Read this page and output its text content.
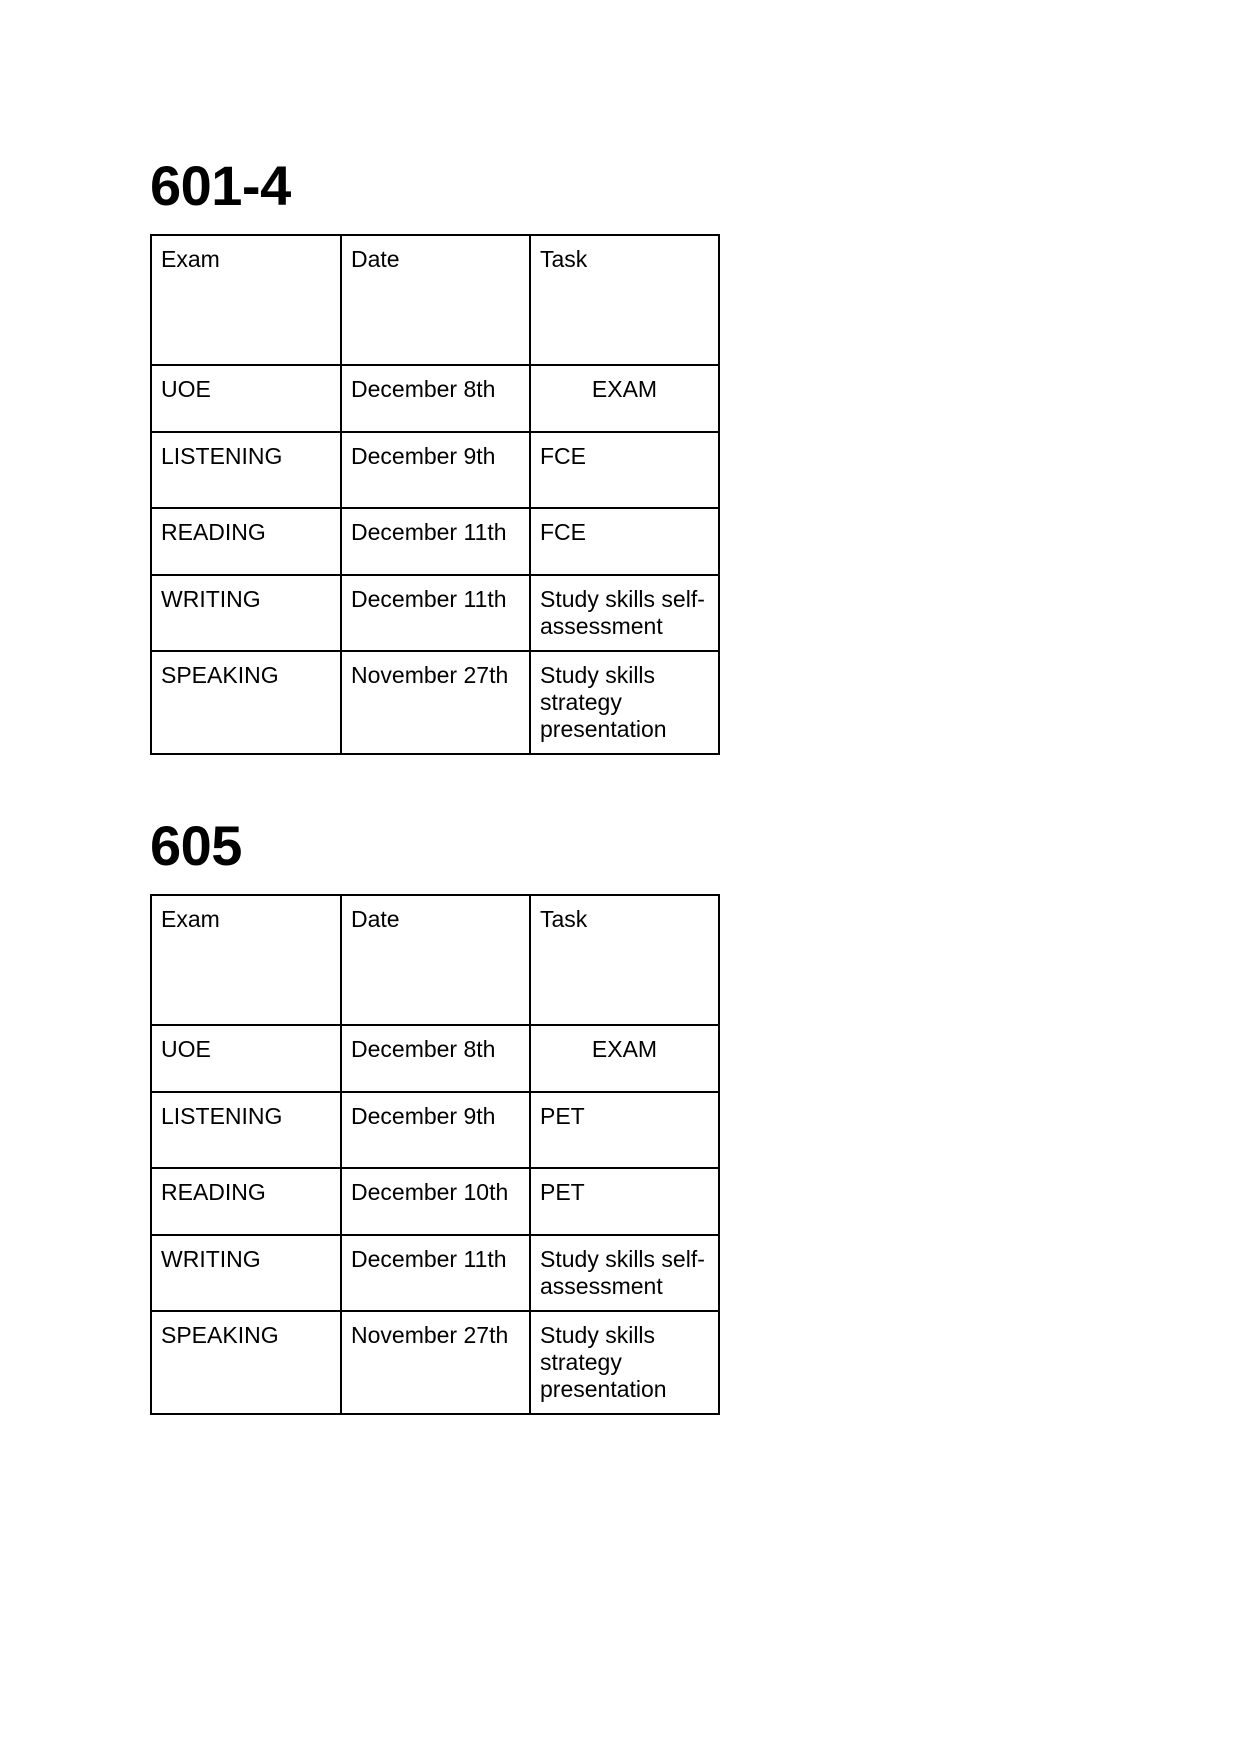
601-4
Exam	Date	Task
UOE	December 8th	EXAM
LISTENING	December 9th	FCE
READING	December 11th	FCE
WRITING	December 11th	Study skills self-assessment
SPEAKING	November 27th	Study skills strategy presentation
605
Exam	Date	Task
UOE	December 8th	EXAM
LISTENING	December 9th	PET
READING	December 10th	PET
WRITING	December 11th	Study skills self-assessment
SPEAKING	November 27th	Study skills strategy presentation
